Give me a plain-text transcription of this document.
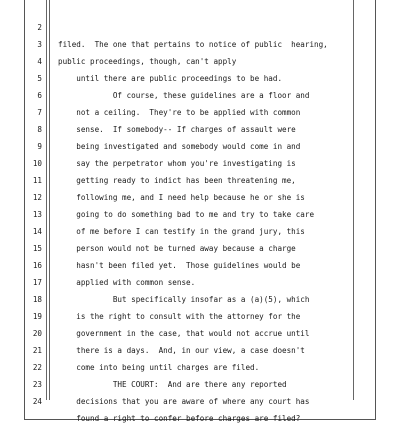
2

filed.  The one that pertains to notice of public  hearing,

3

public proceedings, though, can't apply

4

until there are public proceedings to be had.

5

Of course, these guidelines are a floor and

6

not a ceiling.  They're to be applied with common

7

sense.  If somebody-- If charges of assault were

8

being investigated and somebody would come in and

9

say the perpetrator whom you're investigating is

10

getting ready to indict has been threatening me,

11

following me, and I need help because he or she is

12

going to do something bad to me and try to take care

13

of me before I can testify in the grand jury, this

14

person would not be turned away because a charge

15

hasn't been filed yet.  Those guidelines would be

16

applied with common sense.

17

But specifically insofar as a (a)(5), which

18

is the right to consult with the attorney for the

19

government in the case, that would not accrue until

20

there is a days.  And, in our view, a case doesn't

21

come into being until charges are filed.

22

THE COURT:  And are there any reported

23

decisions that you are aware of where any court has

24

found a right to confer before charges are filed?
